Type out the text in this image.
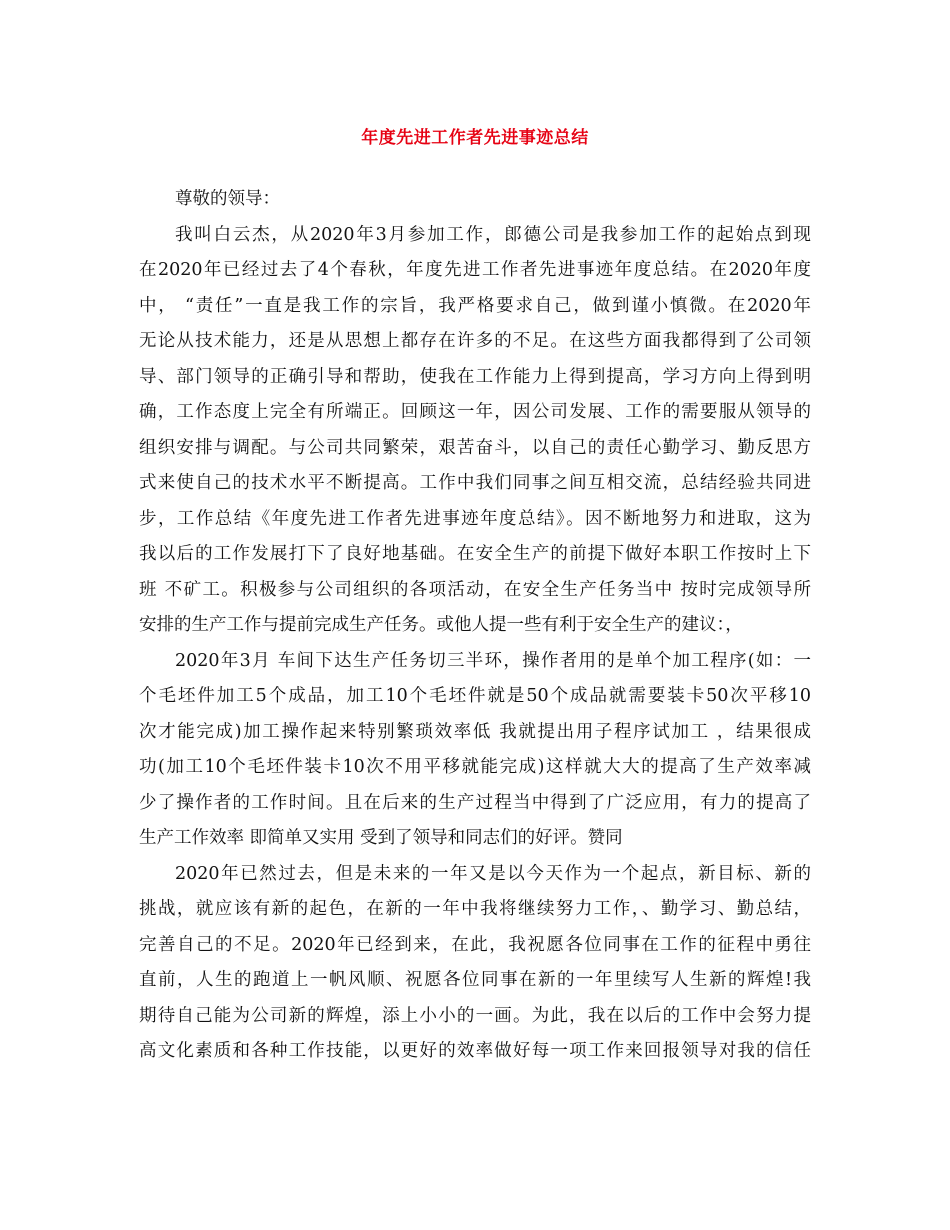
年度先进工作者先进事迹总结
尊敬的领导：
我叫白云杰，从2020年3月参加工作，郎德公司是我参加工作的起始点到现
在2020年已经过去了4个春秋，年度先进工作者先进事迹年度总结。在2020年度
中， “责任”一直是我工作的宗旨，我严格要求自己，做到谨小慎微。在2020年
无论从技术能力，还是从思想上都存在许多的不足。在这些方面我都得到了公司领
导、部门领导的正确引导和帮助，使我在工作能力上得到提高，学习方向上得到明
确，工作态度上完全有所端正。回顾这一年，因公司发展、工作的需要服从领导的
组织安排与调配。与公司共同繁荣，艰苦奋斗，以自己的责任心勤学习、勤反思方
式来使自己的技术水平不断提高。工作中我们同事之间互相交流，总结经验共同进
步，工作总结《年度先进工作者先进事迹年度总结》。因不断地努力和进取，这为
我以后的工作发展打下了良好地基础。在安全生产的前提下做好本职工作按时上下
班 不矿工。积极参与公司组织的各项活动，在安全生产任务当中 按时完成领导所
安排的生产工作与提前完成生产任务。或他人提一些有利于安全生产的建议：，
2020年3月 车间下达生产任务切三半环，操作者用的是单个加工程序(如：一
个毛坯件加工5个成品，加工10个毛坯件就是50个成品就需要装卡50次平移10
次才能完成)加工操作起来特别繁琐效率低 我就提出用子程序试加工 ，结果很成
功(加工10个毛坯件装卡10次不用平移就能完成)这样就大大的提高了生产效率减
少了操作者的工作时间。且在后来的生产过程当中得到了广泛应用，有力的提高了
生产工作效率 即简单又实用 受到了领导和同志们的好评。赞同
2020年已然过去，但是未来的一年又是以今天作为一个起点，新目标、新的
挑战，就应该有新的起色，在新的一年中我将继续努力工作，、勤学习、勤总结，
完善自己的不足。2020年已经到来，在此，我祝愿各位同事在工作的征程中勇往
直前，人生的跑道上一帆风顺、祝愿各位同事在新的一年里续写人生新的辉煌!我
期待自己能为公司新的辉煌，添上小小的一画。为此，我在以后的工作中会努力提
高文化素质和各种工作技能，以更好的效率做好每一项工作来回报领导对我的信任
